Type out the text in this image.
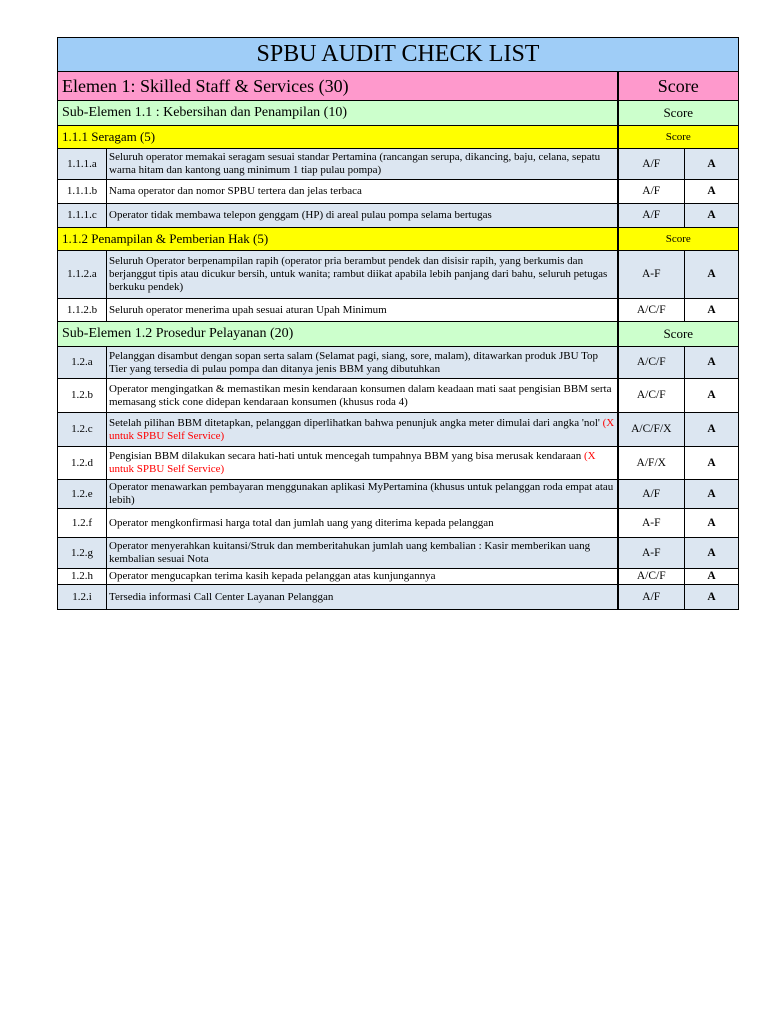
SPBU AUDIT CHECK LIST			
Elemen 1: Skilled Staff & Services (30)		Score	
Sub-Elemen 1.1 : Kebersihan dan Penampilan (10)		Score	
1.1.1 Seragam (5)		Score	
1.1.1.a	Seluruh operator memakai seragam sesuai standar Pertamina (rancangan serupa, dikancing, baju, celana, sepatu warna hitam dan kantong uang minimum 1 tiap pulau pompa)	A/F	A
1.1.1.b	Nama operator dan nomor SPBU tertera dan jelas terbaca	A/F	A
1.1.1.c	Operator tidak membawa telepon genggam (HP) di areal pulau pompa selama bertugas	A/F	A
1.1.2 Penampilan & Pemberian Hak (5)		Score	
1.1.2.a	Seluruh Operator berpenampilan rapih (operator pria berambut pendek dan disisir rapih, yang berkumis dan berjanggut tipis atau dicukur bersih, untuk wanita; rambut diikat apabila lebih panjang dari bahu, seluruh petugas berkuku pendek)	A-F	A
1.1.2.b	Seluruh operator menerima upah sesuai aturan Upah Minimum	A/C/F	A
Sub-Elemen 1.2 Prosedur Pelayanan (20)		Score	
1.2.a	Pelanggan disambut dengan sopan serta salam (Selamat pagi, siang, sore, malam), ditawarkan produk JBU Top Tier yang tersedia di pulau pompa dan ditanya jenis BBM yang dibutuhkan	A/C/F	A
1.2.b	Operator mengingatkan & memastikan mesin kendaraan konsumen dalam keadaan mati saat pengisian BBM serta memasang stick cone didepan kendaraan konsumen (khusus roda 4)	A/C/F	A
1.2.c	Setelah pilihan BBM ditetapkan, pelanggan diperlihatkan bahwa penunjuk angka meter dimulai dari angka 'nol' (X untuk SPBU Self Service)	A/C/F/X	A
1.2.d	Pengisian BBM dilakukan secara hati-hati untuk mencegah tumpahnya BBM yang bisa merusak kendaraan (X untuk SPBU Self Service)	A/F/X	A
1.2.e	Operator menawarkan pembayaran menggunakan aplikasi MyPertamina (khusus untuk pelanggan roda empat atau lebih)	A/F	A
1.2.f	Operator mengkonfirmasi harga total dan jumlah uang yang diterima kepada pelanggan	A-F	A
1.2.g	Operator menyerahkan kuitansi/Struk dan memberitahukan jumlah uang kembalian : Kasir memberikan uang kembalian sesuai Nota	A-F	A
1.2.h	Operator mengucapkan terima kasih kepada pelanggan atas kunjungannya	A/C/F	A
1.2.i	Tersedia informasi Call Center Layanan Pelanggan	A/F	A
